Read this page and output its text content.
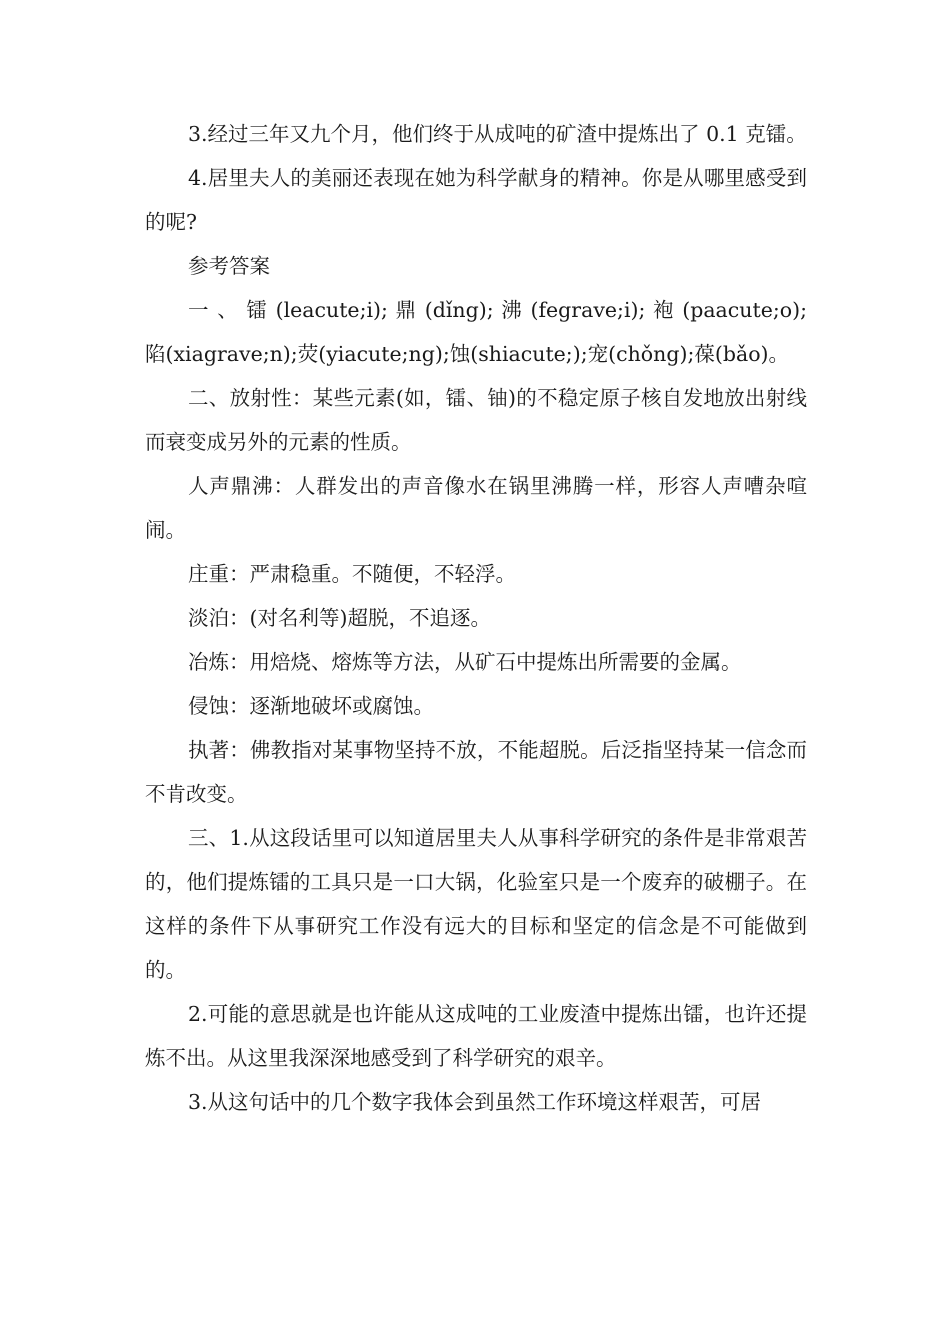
3.经过三年又九个月，他们终于从成吨的矿渣中提炼出了 0.1 克镭。

4.居里夫人的美丽还表现在她为科学献身的精神。你是从哪里感受到的呢?

参考答案

一 、 镭 (leacute;i); 鼎 (dǐng); 沸 (fegrave;i); 袍 (paacute;o); 陷(xiagrave;n);荧(yiacute;ng);蚀(shiacute;);宠(chǒng);葆(bǎo)。

二、放射性：某些元素(如，镭、铀)的不稳定原子核自发地放出射线而衰变成另外的元素的性质。

人声鼎沸：人群发出的声音像水在锅里沸腾一样，形容人声嘈杂喧闹。

庄重：严肃稳重。不随便，不轻浮。

淡泊：(对名利等)超脱，不追逐。

冶炼：用焙烧、熔炼等方法，从矿石中提炼出所需要的金属。

侵蚀：逐渐地破坏或腐蚀。

执著：佛教指对某事物坚持不放，不能超脱。后泛指坚持某一信念而不肯改变。

三、1.从这段话里可以知道居里夫人从事科学研究的条件是非常艰苦的，他们提炼镭的工具只是一口大锅，化验室只是一个废弃的破棚子。在这样的条件下从事研究工作没有远大的目标和坚定的信念是不可能做到的。

2.可能的意思就是也许能从这成吨的工业废渣中提炼出镭，也许还提炼不出。从这里我深深地感受到了科学研究的艰辛。

3.从这句话中的几个数字我体会到虽然工作环境这样艰苦，可居
